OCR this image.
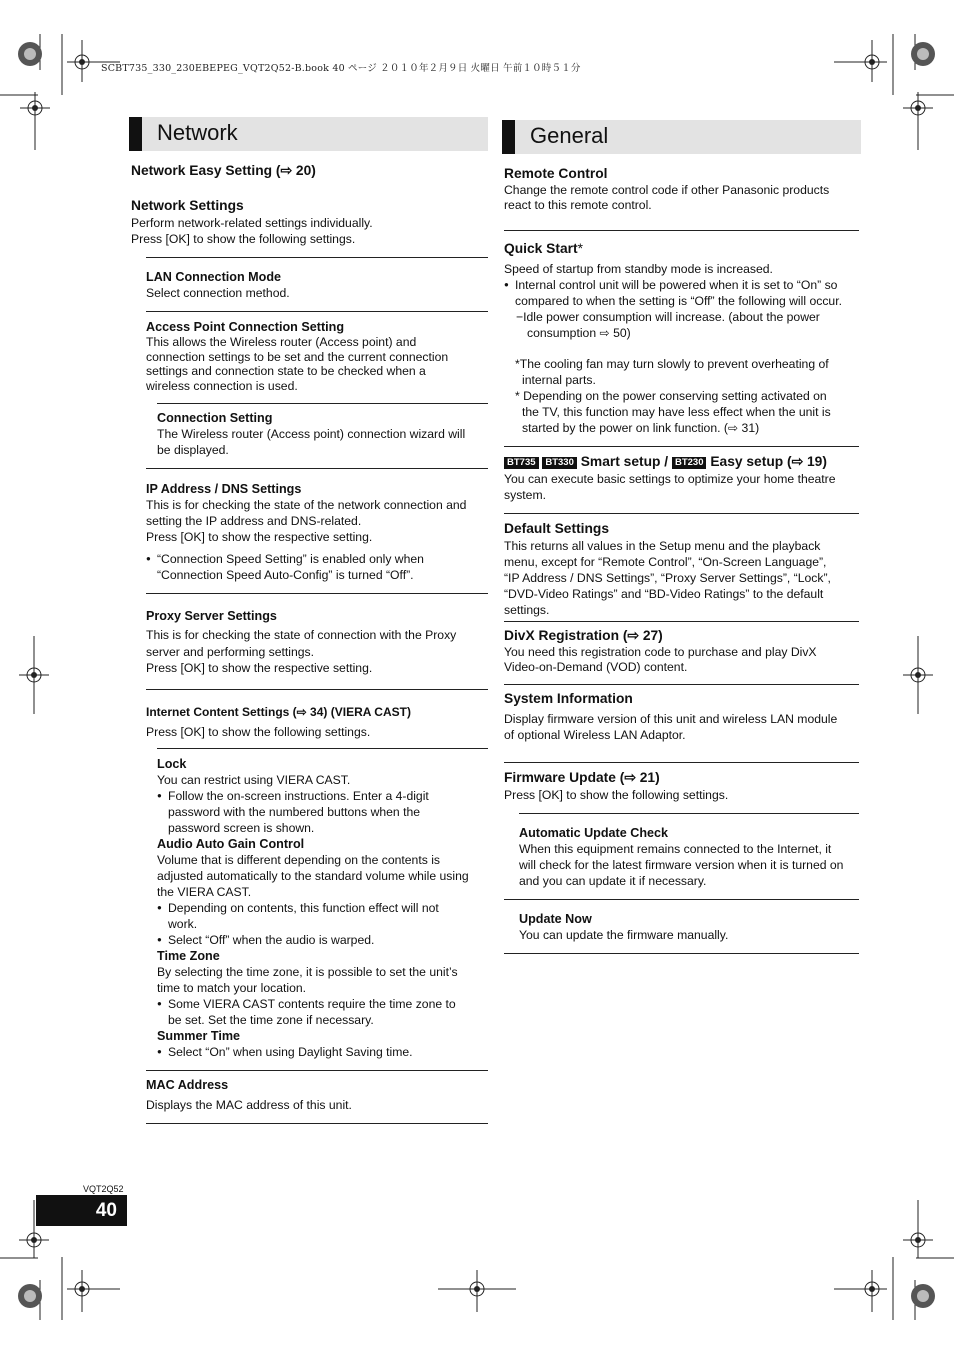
SCBT735_330_230EBEPEG_VQT2Q52-B.book 40 ページ ２０１０年２月９日 火曜日 午前１０時５１分
Network
Network Easy Setting (⇨ 20)
Network Settings
Perform network-related settings individually.
Press [OK] to show the following settings.
LAN Connection Mode
Select connection method.
Access Point Connection Setting
This allows the Wireless router (Access point) and
connection settings to be set and the current connection
settings and connection state to be checked when a
wireless connection is used.
Connection Setting
The Wireless router (Access point) connection wizard will
be displayed.
IP Address / DNS Settings
This is for checking the state of the network connection and
setting the IP address and DNS-related.
Press [OK] to show the respective setting.
● “Connection Speed Setting” is enabled only when
“Connection Speed Auto-Config” is turned “Off”.
Proxy Server Settings
This is for checking the state of connection with the Proxy
server and performing settings.
Press [OK] to show the respective setting.
Internet Content Settings (⇨ 34) (VIERA CAST)
Press [OK] to show the following settings.
Lock
You can restrict using VIERA CAST.
● Follow the on-screen instructions. Enter a 4-digit
password with the numbered buttons when the
password screen is shown.
Audio Auto Gain Control
Volume that is different depending on the contents is
adjusted automatically to the standard volume while using
the VIERA CAST.
● Depending on contents, this function effect will not
work.
● Select “Off” when the audio is warped.
Time Zone
By selecting the time zone, it is possible to set the unit’s
time to match your location.
● Some VIERA CAST contents require the time zone to
be set. Set the time zone if necessary.
Summer Time
● Select “On” when using Daylight Saving time.
MAC Address
Displays the MAC address of this unit.
General
Remote Control
Change the remote control code if other Panasonic products
react to this remote control.
Quick Start*
Speed of startup from standby mode is increased.
● Internal control unit will be powered when it is set to “On” so
compared to when the setting is “Off” the following will occur.
−Idle power consumption will increase. (about the power
consumption ⇨ 50)
*The cooling fan may turn slowly to prevent overheating of
internal parts.
* Depending on the power conserving setting activated on
the TV, this function may have less effect when the unit is
started by the power on link function. (⇨ 31)
BT735 BT330 Smart setup / BT230 Easy setup (⇨ 19)
You can execute basic settings to optimize your home theatre
system.
Default Settings
This returns all values in the Setup menu and the playback
menu, except for “Remote Control”, “On-Screen Language”,
“IP Address / DNS Settings”, “Proxy Server Settings”, “Lock”,
“DVD-Video Ratings” and “BD-Video Ratings” to the default
settings.
DivX Registration (⇨ 27)
You need this registration code to purchase and play DivX
Video-on-Demand (VOD) content.
System Information
Display firmware version of this unit and wireless LAN module
of optional Wireless LAN Adaptor.
Firmware Update (⇨ 21)
Press [OK] to show the following settings.
Automatic Update Check
When this equipment remains connected to the Internet, it
will check for the latest firmware version when it is turned on
and you can update it if necessary.
Update Now
You can update the firmware manually.
VQT2Q52
40
